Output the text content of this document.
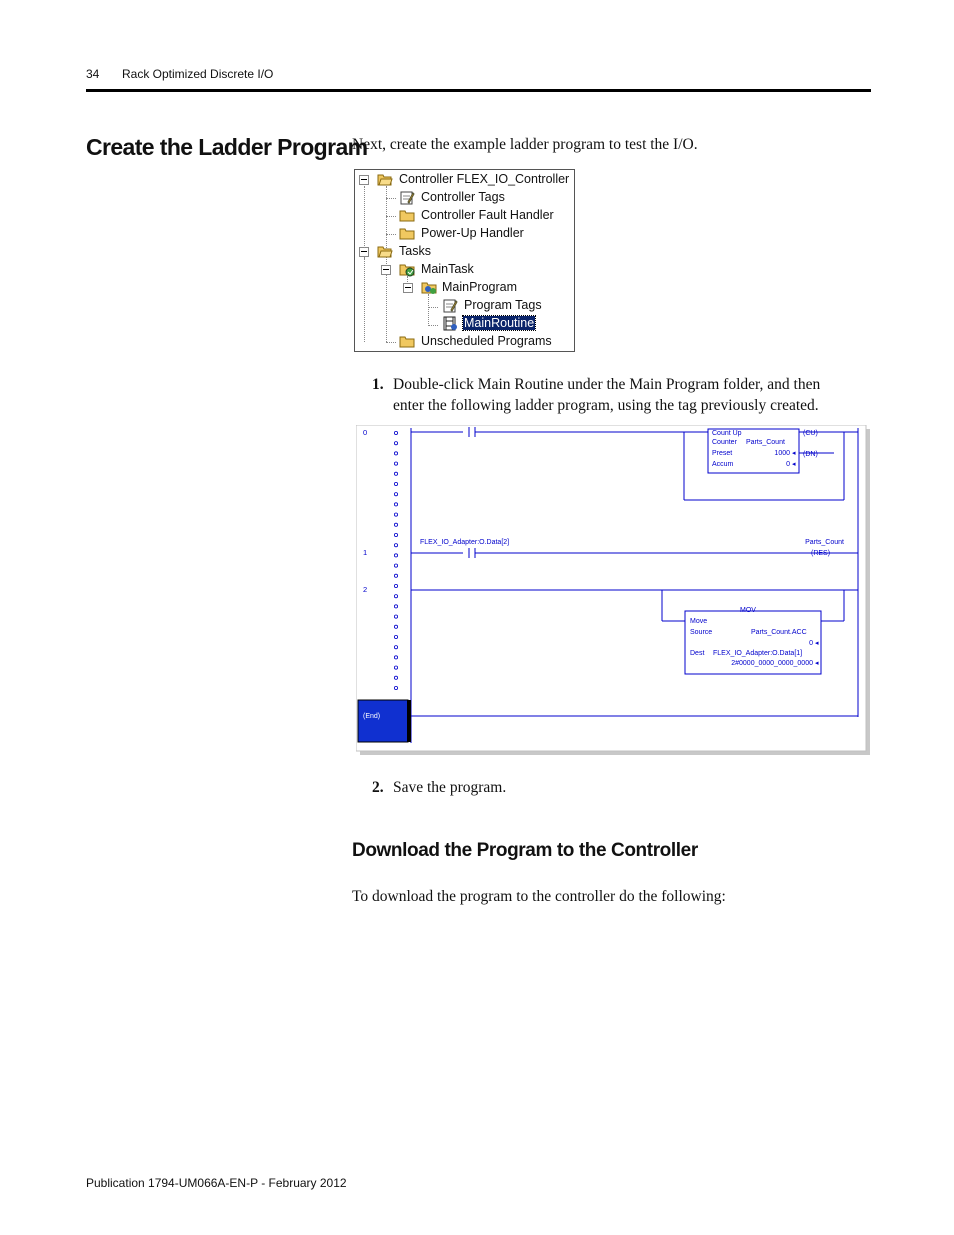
34 Rack Optimized Discrete I/O
Create the Ladder Program
Next, create the example ladder program to test the I/O.
Controller FLEX_IO_Controller
Controller Tags
Controller Fault Handler
Power-Up Handler
Tasks
MainTask
MainProgram
Program Tags
MainRoutine
Unscheduled Programs
1. Double-click Main Routine under the Main Program folder, and then
enter the following ladder program, using the tag previously created.
0
1
2
(End)
Count Up
Counter Parts_Count
Preset	1000
Accum	0
(CU)
(DN)
◂
◂
FLEX_IO_Adapter:O.Data[2]	Parts_Count
(RES)
MOV
Move
Source	Parts_Count.ACC
0
Dest FLEX_IO_Adapter:O.Data[1]
2#0000_0000_0000_0000
◂
◂
2. Save the program.
Download the Program to the Controller
To download the program to the controller do the following:
Publication 1794-UM066A-EN-P - February 2012
